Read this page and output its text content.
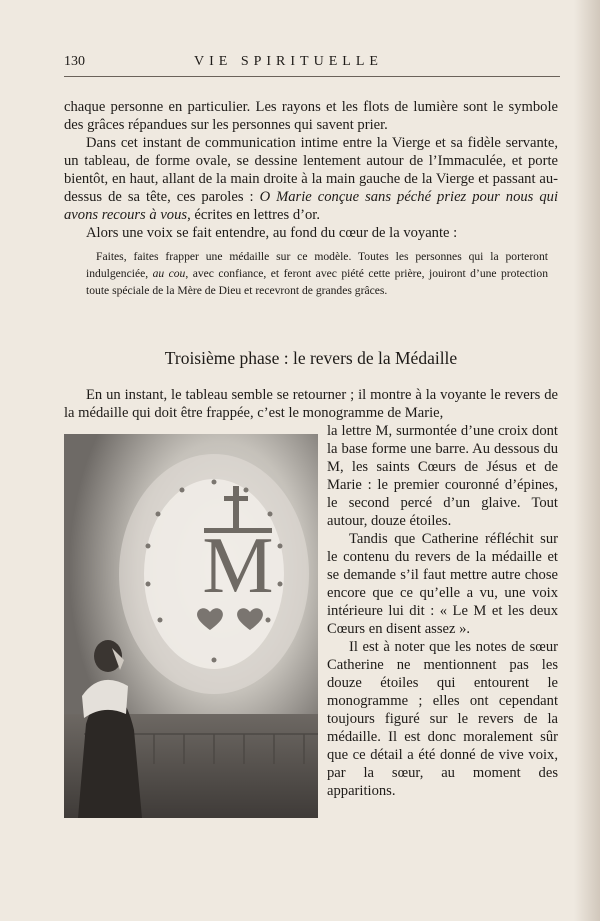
130	VIE SPIRITUELLE

chaque personne en particulier. Les rayons et les flots de lumière sont le symbole des grâces répandues sur les personnes qui savent prier.

Dans cet instant de communication intime entre la Vierge et sa fidèle servante, un tableau, de forme ovale, se dessine lentement autour de l’Immaculée, et porte bientôt, en haut, allant de la main droite à la main gauche de la Vierge et passant au-dessus de sa tête, ces paroles : O Marie conçue sans péché priez pour nous qui avons recours à vous, écrites en lettres d’or.

Alors une voix se fait entendre, au fond du cœur de la voyante :

Faites, faites frapper une médaille sur ce modèle. Toutes les personnes qui la porteront indulgenciée, au cou, avec confiance, et feront avec piété cette prière, jouiront d’une protection toute spéciale de la Mère de Dieu et recevront de grandes grâces.

Troisième phase : le revers de la Médaille

En un instant, le tableau semble se retourner ; il montre à la voyante le revers de la médaille qui doit être frappée, c’est le monogramme de Marie,

M

la lettre M, surmontée d’une croix dont la base forme une barre. Au dessous du M, les saints Cœurs de Jésus et de Marie : le premier couronné d’épines, le second percé d’un glaive. Tout autour, douze étoiles.

Tandis que Catherine réfléchit sur le contenu du revers de la médaille et se demande s’il faut mettre autre chose encore que ce qu’elle a vu, une voix intérieure lui dit : « Le M et les deux Cœurs en disent assez ».

Il est à noter que les notes de sœur Catherine ne mentionnent pas les douze étoiles qui entourent le monogramme ; elles ont cependant toujours figuré sur le revers de la médaille. Il est donc moralement sûr que ce détail a été donné de vive voix, par la sœur, au moment des apparitions.
